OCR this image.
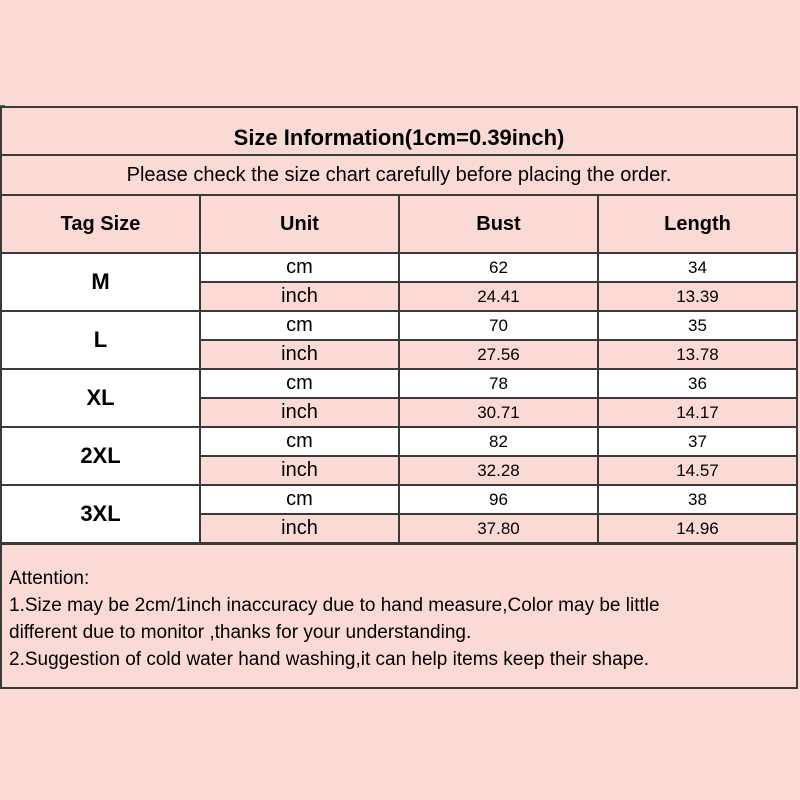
Size Information(1cm=0.39inch)			
Please check the size chart carefully before placing the order.			
Tag Size	Unit	Bust	Length
M	cm	62	34
	inch	24.41	13.39
L	cm	70	35
	inch	27.56	13.78
XL	cm	78	36
	inch	30.71	14.17
2XL	cm	82	37
	inch	32.28	14.57
3XL	cm	96	38
	inch	37.80	14.96

Attention:
1.Size may be 2cm/1inch inaccuracy due to hand measure,Color may be little
different due to monitor ,thanks for your understanding.
2.Suggestion of cold water hand washing,it can help items keep their shape.			
